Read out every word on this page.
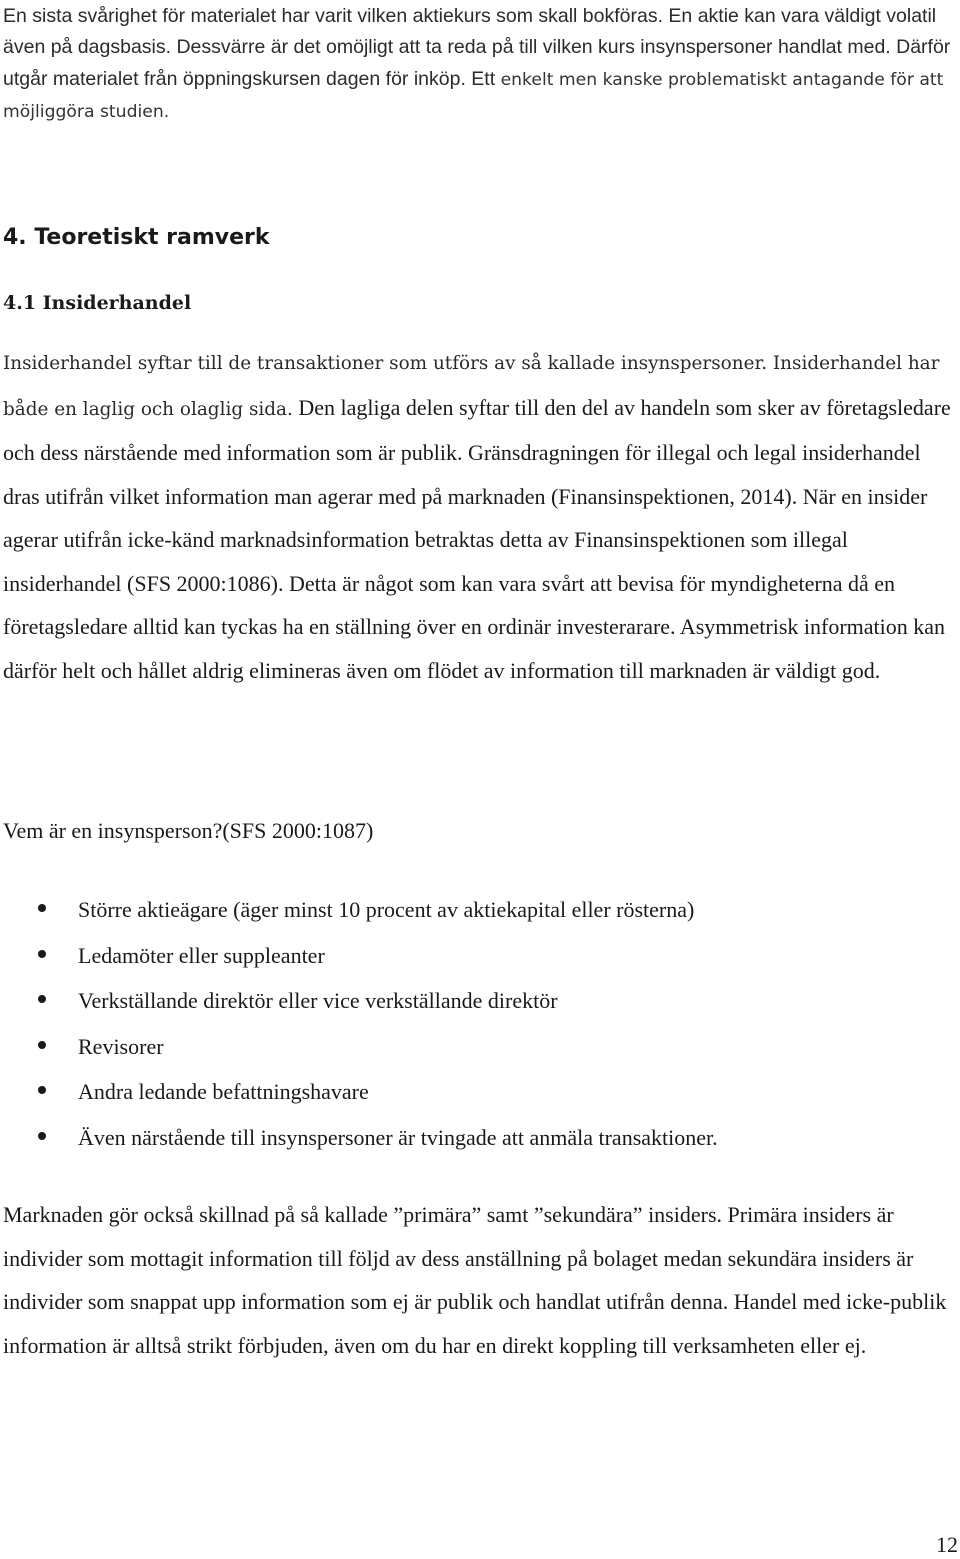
En sista svårighet för materialet har varit vilken aktiekurs som skall bokföras. En aktie kan vara väldigt volatil även på dagsbasis. Dessvärre är det omöjligt att ta reda på till vilken kurs insynspersoner handlat med. Därför utgår materialet från öppningskursen dagen för inköp. Ett enkelt men kanske problematiskt antagande för att möjliggöra studien.

4. Teoretiskt ramverk
4.1 Insiderhandel

Insiderhandel syftar till de transaktioner som utförs av så kallade insynspersoner. Insiderhandel har både en laglig och olaglig sida. Den lagliga delen syftar till den del av handeln som sker av företagsledare och dess närstående med information som är publik. Gränsdragningen för illegal och legal insiderhandel dras utifrån vilket information man agerar med på marknaden (Finansinspektionen, 2014). När en insider agerar utifrån icke-känd marknadsinformation betraktas detta av Finansinspektionen som illegal insiderhandel (SFS 2000:1086). Detta är något som kan vara svårt att bevisa för myndigheterna då en företagsledare alltid kan tyckas ha en ställning över en ordinär investerarare. Asymmetrisk information kan därför helt och hållet aldrig elimineras även om flödet av information till marknaden är väldigt god.

Vem är en insynsperson?(SFS 2000:1087)

Större aktieägare (äger minst 10 procent av aktiekapital eller rösterna)
Ledamöter eller suppleanter
Verkställande direktör eller vice verkställande direktör
Revisorer
Andra ledande befattningshavare
Även närstående till insynspersoner är tvingade att anmäla transaktioner.

Marknaden gör också skillnad på så kallade ”primära” samt ”sekundära” insiders. Primära insiders är individer som mottagit information till följd av dess anställning på bolaget medan sekundära insiders är individer som snappat upp information som ej är publik och handlat utifrån denna. Handel med icke-publik information är alltså strikt förbjuden, även om du har en direkt koppling till verksamheten eller ej.

12
